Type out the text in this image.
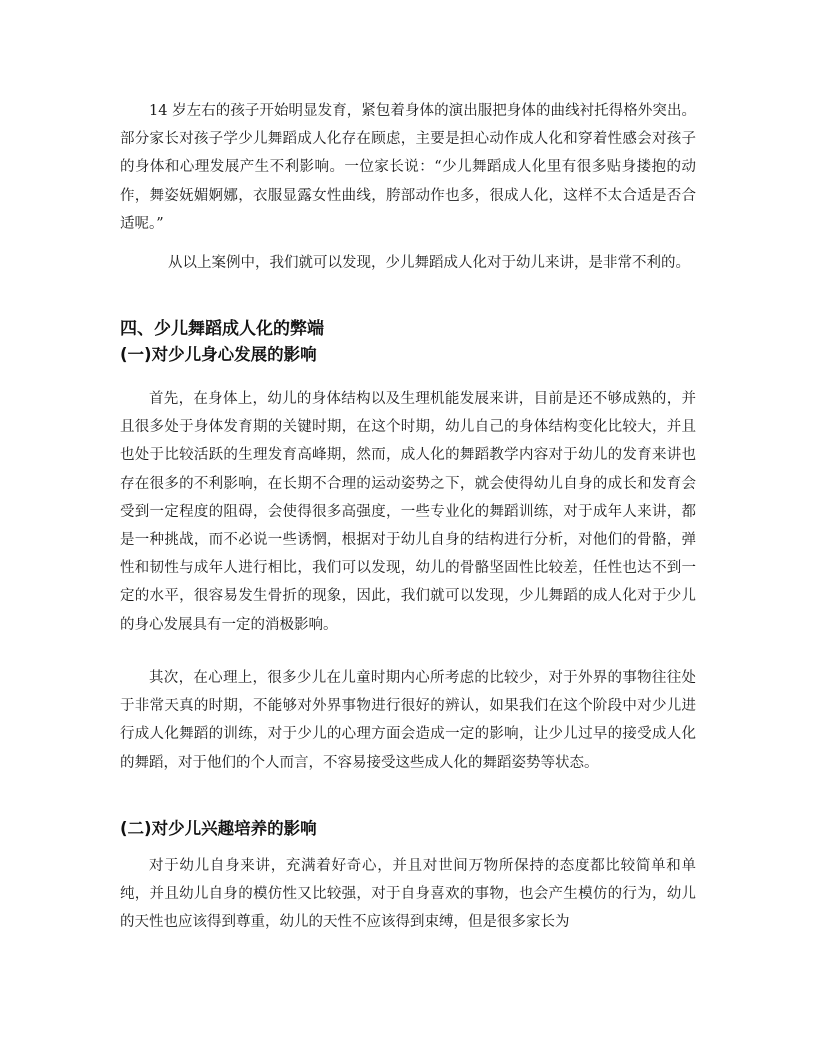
14 岁左右的孩子开始明显发育，紧包着身体的演出服把身体的曲线衬托得格外突出。部分家长对孩子学少儿舞蹈成人化存在顾虑，主要是担心动作成人化和穿着性感会对孩子的身体和心理发展产生不利影响。一位家长说：“少儿舞蹈成人化里有很多贴身搂抱的动作，舞姿妩媚婀娜，衣服显露女性曲线，胯部动作也多，很成人化，这样不太合适是否合适呢。”

从以上案例中，我们就可以发现，少儿舞蹈成人化对于幼儿来讲，是非常不利的。

四、少儿舞蹈成人化的弊端
(一)对少儿身心发展的影响

首先，在身体上，幼儿的身体结构以及生理机能发展来讲，目前是还不够成熟的，并且很多处于身体发育期的关键时期，在这个时期，幼儿自己的身体结构变化比较大，并且也处于比较活跃的生理发育高峰期，然而，成人化的舞蹈教学内容对于幼儿的发育来讲也存在很多的不利影响，在长期不合理的运动姿势之下，就会使得幼儿自身的成长和发育会受到一定程度的阻碍，会使得很多高强度，一些专业化的舞蹈训练，对于成年人来讲，都是一种挑战，而不必说一些诱惘，根据对于幼儿自身的结构进行分析，对他们的骨骼，弹性和韧性与成年人进行相比，我们可以发现，幼儿的骨骼坚固性比较差，任性也达不到一定的水平，很容易发生骨折的现象，因此，我们就可以发现，少儿舞蹈的成人化对于少儿的身心发展具有一定的消极影响。

其次，在心理上，很多少儿在儿童时期内心所考虑的比较少，对于外界的事物往往处于非常天真的时期，不能够对外界事物进行很好的辨认，如果我们在这个阶段中对少儿进行成人化舞蹈的训练，对于少儿的心理方面会造成一定的影响，让少儿过早的接受成人化的舞蹈，对于他们的个人而言，不容易接受这些成人化的舞蹈姿势等状态。

(二)对少儿兴趣培养的影响

对于幼儿自身来讲，充满着好奇心，并且对世间万物所保持的态度都比较简单和单纯，并且幼儿自身的模仿性又比较强，对于自身喜欢的事物，也会产生模仿的行为，幼儿的天性也应该得到尊重，幼儿的天性不应该得到束缚，但是很多家长为
